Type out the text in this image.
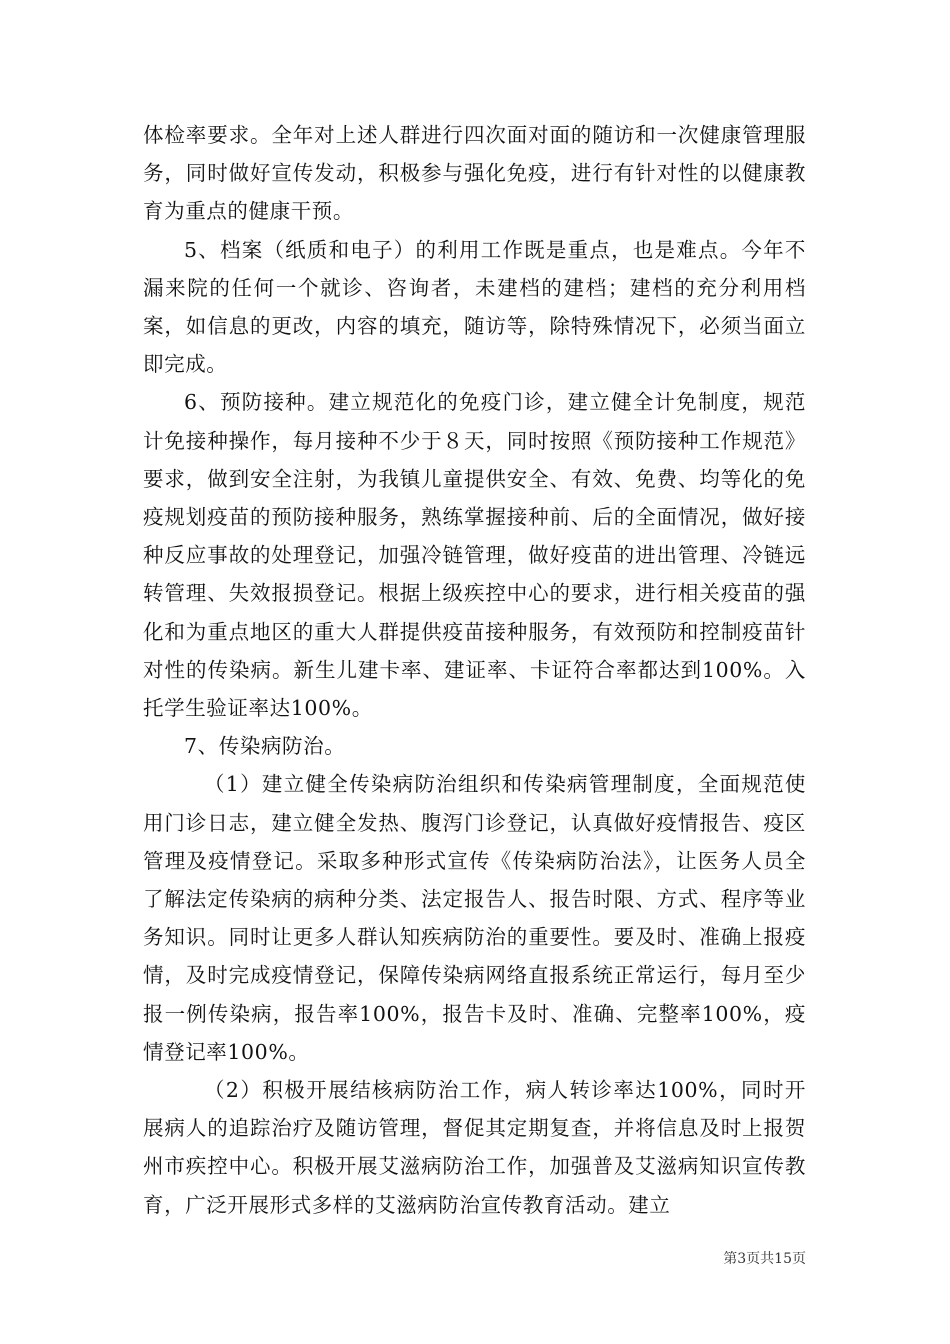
体检率要求。全年对上述人群进行四次面对面的随访和一次健康管理服务，同时做好宣传发动，积极参与强化免疫，进行有针对性的以健康教育为重点的健康干预。

5、档案（纸质和电子）的利用工作既是重点，也是难点。今年不漏来院的任何一个就诊、咨询者，未建档的建档；建档的充分利用档案，如信息的更改，内容的填充，随访等，除特殊情况下，必须当面立即完成。

6、预防接种。建立规范化的免疫门诊，建立健全计免制度，规范计免接种操作，每月接种不少于８天，同时按照《预防接种工作规范》要求，做到安全注射，为我镇儿童提供安全、有效、免费、均等化的免疫规划疫苗的预防接种服务，熟练掌握接种前、后的全面情况，做好接种反应事故的处理登记，加强冷链管理，做好疫苗的进出管理、冷链远转管理、失效报损登记。根据上级疾控中心的要求，进行相关疫苗的强化和为重点地区的重大人群提供疫苗接种服务，有效预防和控制疫苗针对性的传染病。新生儿建卡率、建证率、卡证符合率都达到100%。入托学生验证率达100%。

7、传染病防治。

（1）建立健全传染病防治组织和传染病管理制度，全面规范使用门诊日志，建立健全发热、腹泻门诊登记，认真做好疫情报告、疫区管理及疫情登记。采取多种形式宣传《传染病防治法》，让医务人员全了解法定传染病的病种分类、法定报告人、报告时限、方式、程序等业务知识。同时让更多人群认知疾病防治的重要性。要及时、准确上报疫情，及时完成疫情登记，保障传染病网络直报系统正常运行，每月至少报一例传染病，报告率100%，报告卡及时、准确、完整率100%，疫情登记率100%。

（2）积极开展结核病防治工作，病人转诊率达100%，同时开展病人的追踪治疗及随访管理，督促其定期复查，并将信息及时上报贺州市疾控中心。积极开展艾滋病防治工作，加强普及艾滋病知识宣传教育，广泛开展形式多样的艾滋病防治宣传教育活动。建立

第3页共15页
